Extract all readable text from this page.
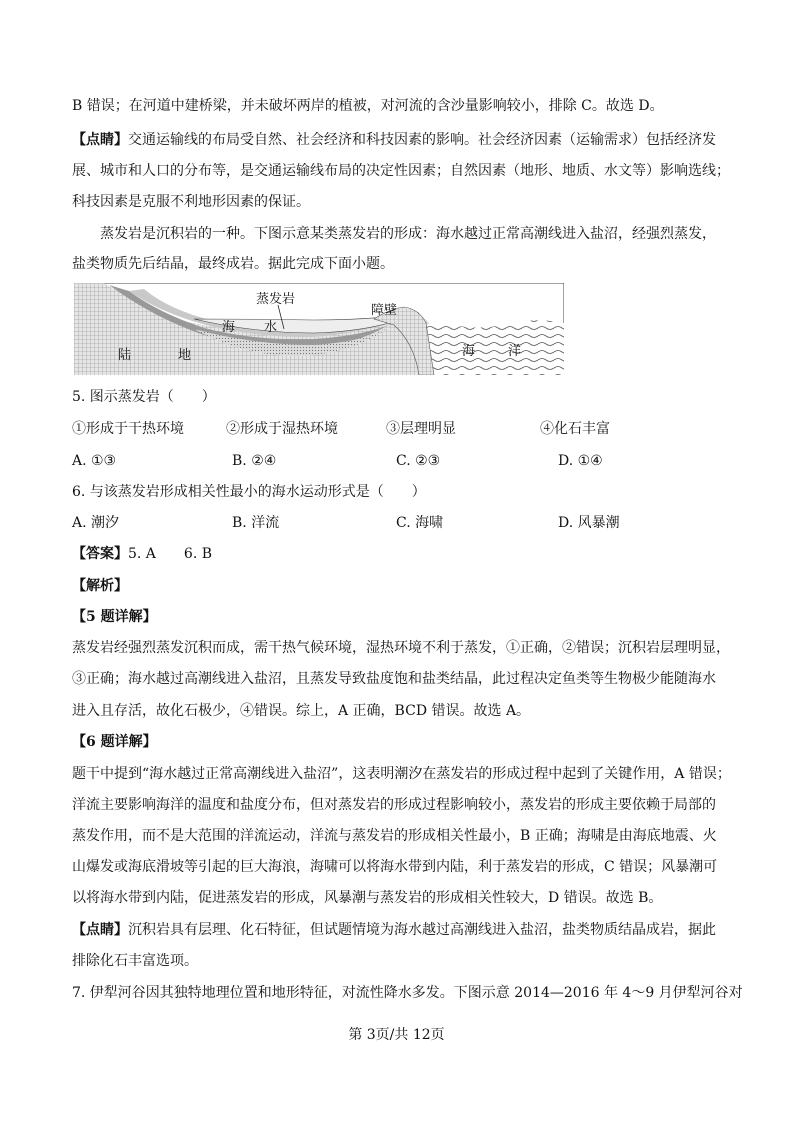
B 错误；在河道中建桥梁，并未破坏两岸的植被，对河流的含沙量影响较小，排除 C。故选 D。
【点睛】交通运输线的布局受自然、社会经济和科技因素的影响。社会经济因素（运输需求）包括经济发
展、城市和人口的分布等，是交通运输线布局的决定性因素；自然因素（地形、地质、水文等）影响选线；
科技因素是克服不利地形因素的保证。
蒸发岩是沉积岩的一种。下图示意某类蒸发岩的形成：海水越过正常高潮线进入盐沼，经强烈蒸发，
盐类物质先后结晶，最终成岩。据此完成下面小题。
蒸发岩
障壁
海 水
海	洋
陆	地
5. 图示蒸发岩（　　）
①形成于干热环境	②形成于湿热环境	③层理明显	④化石丰富
A. ①③	B. ②④	C. ②③	D. ①④
6. 与该蒸发岩形成相关性最小的海水运动形式是（　　）
A. 潮汐	B. 洋流	C. 海啸	D. 风暴潮
【答案】5. A　　6. B
【解析】
【5 题详解】
蒸发岩经强烈蒸发沉积而成，需干热气候环境，湿热环境不利于蒸发，①正确，②错误；沉积岩层理明显，
③正确；海水越过高潮线进入盐沼，且蒸发导致盐度饱和盐类结晶，此过程决定鱼类等生物极少能随海水
进入且存活，故化石极少，④错误。综上，A 正确，BCD 错误。故选 A。
【6 题详解】
题干中提到“海水越过正常高潮线进入盐沼”，这表明潮汐在蒸发岩的形成过程中起到了关键作用，A 错误；
洋流主要影响海洋的温度和盐度分布，但对蒸发岩的形成过程影响较小，蒸发岩的形成主要依赖于局部的
蒸发作用，而不是大范围的洋流运动，洋流与蒸发岩的形成相关性最小，B 正确；海啸是由海底地震、火
山爆发或海底滑坡等引起的巨大海浪，海啸可以将海水带到内陆，利于蒸发岩的形成，C 错误；风暴潮可
以将海水带到内陆，促进蒸发岩的形成，风暴潮与蒸发岩的形成相关性较大，D 错误。故选 B。
【点睛】沉积岩具有层理、化石特征，但试题情境为海水越过高潮线进入盐沼，盐类物质结晶成岩，据此
排除化石丰富选项。
7. 伊犁河谷因其独特地理位置和地形特征，对流性降水多发。下图示意 2014—2016 年 4～9 月伊犁河谷对
第 3页/共 12页
